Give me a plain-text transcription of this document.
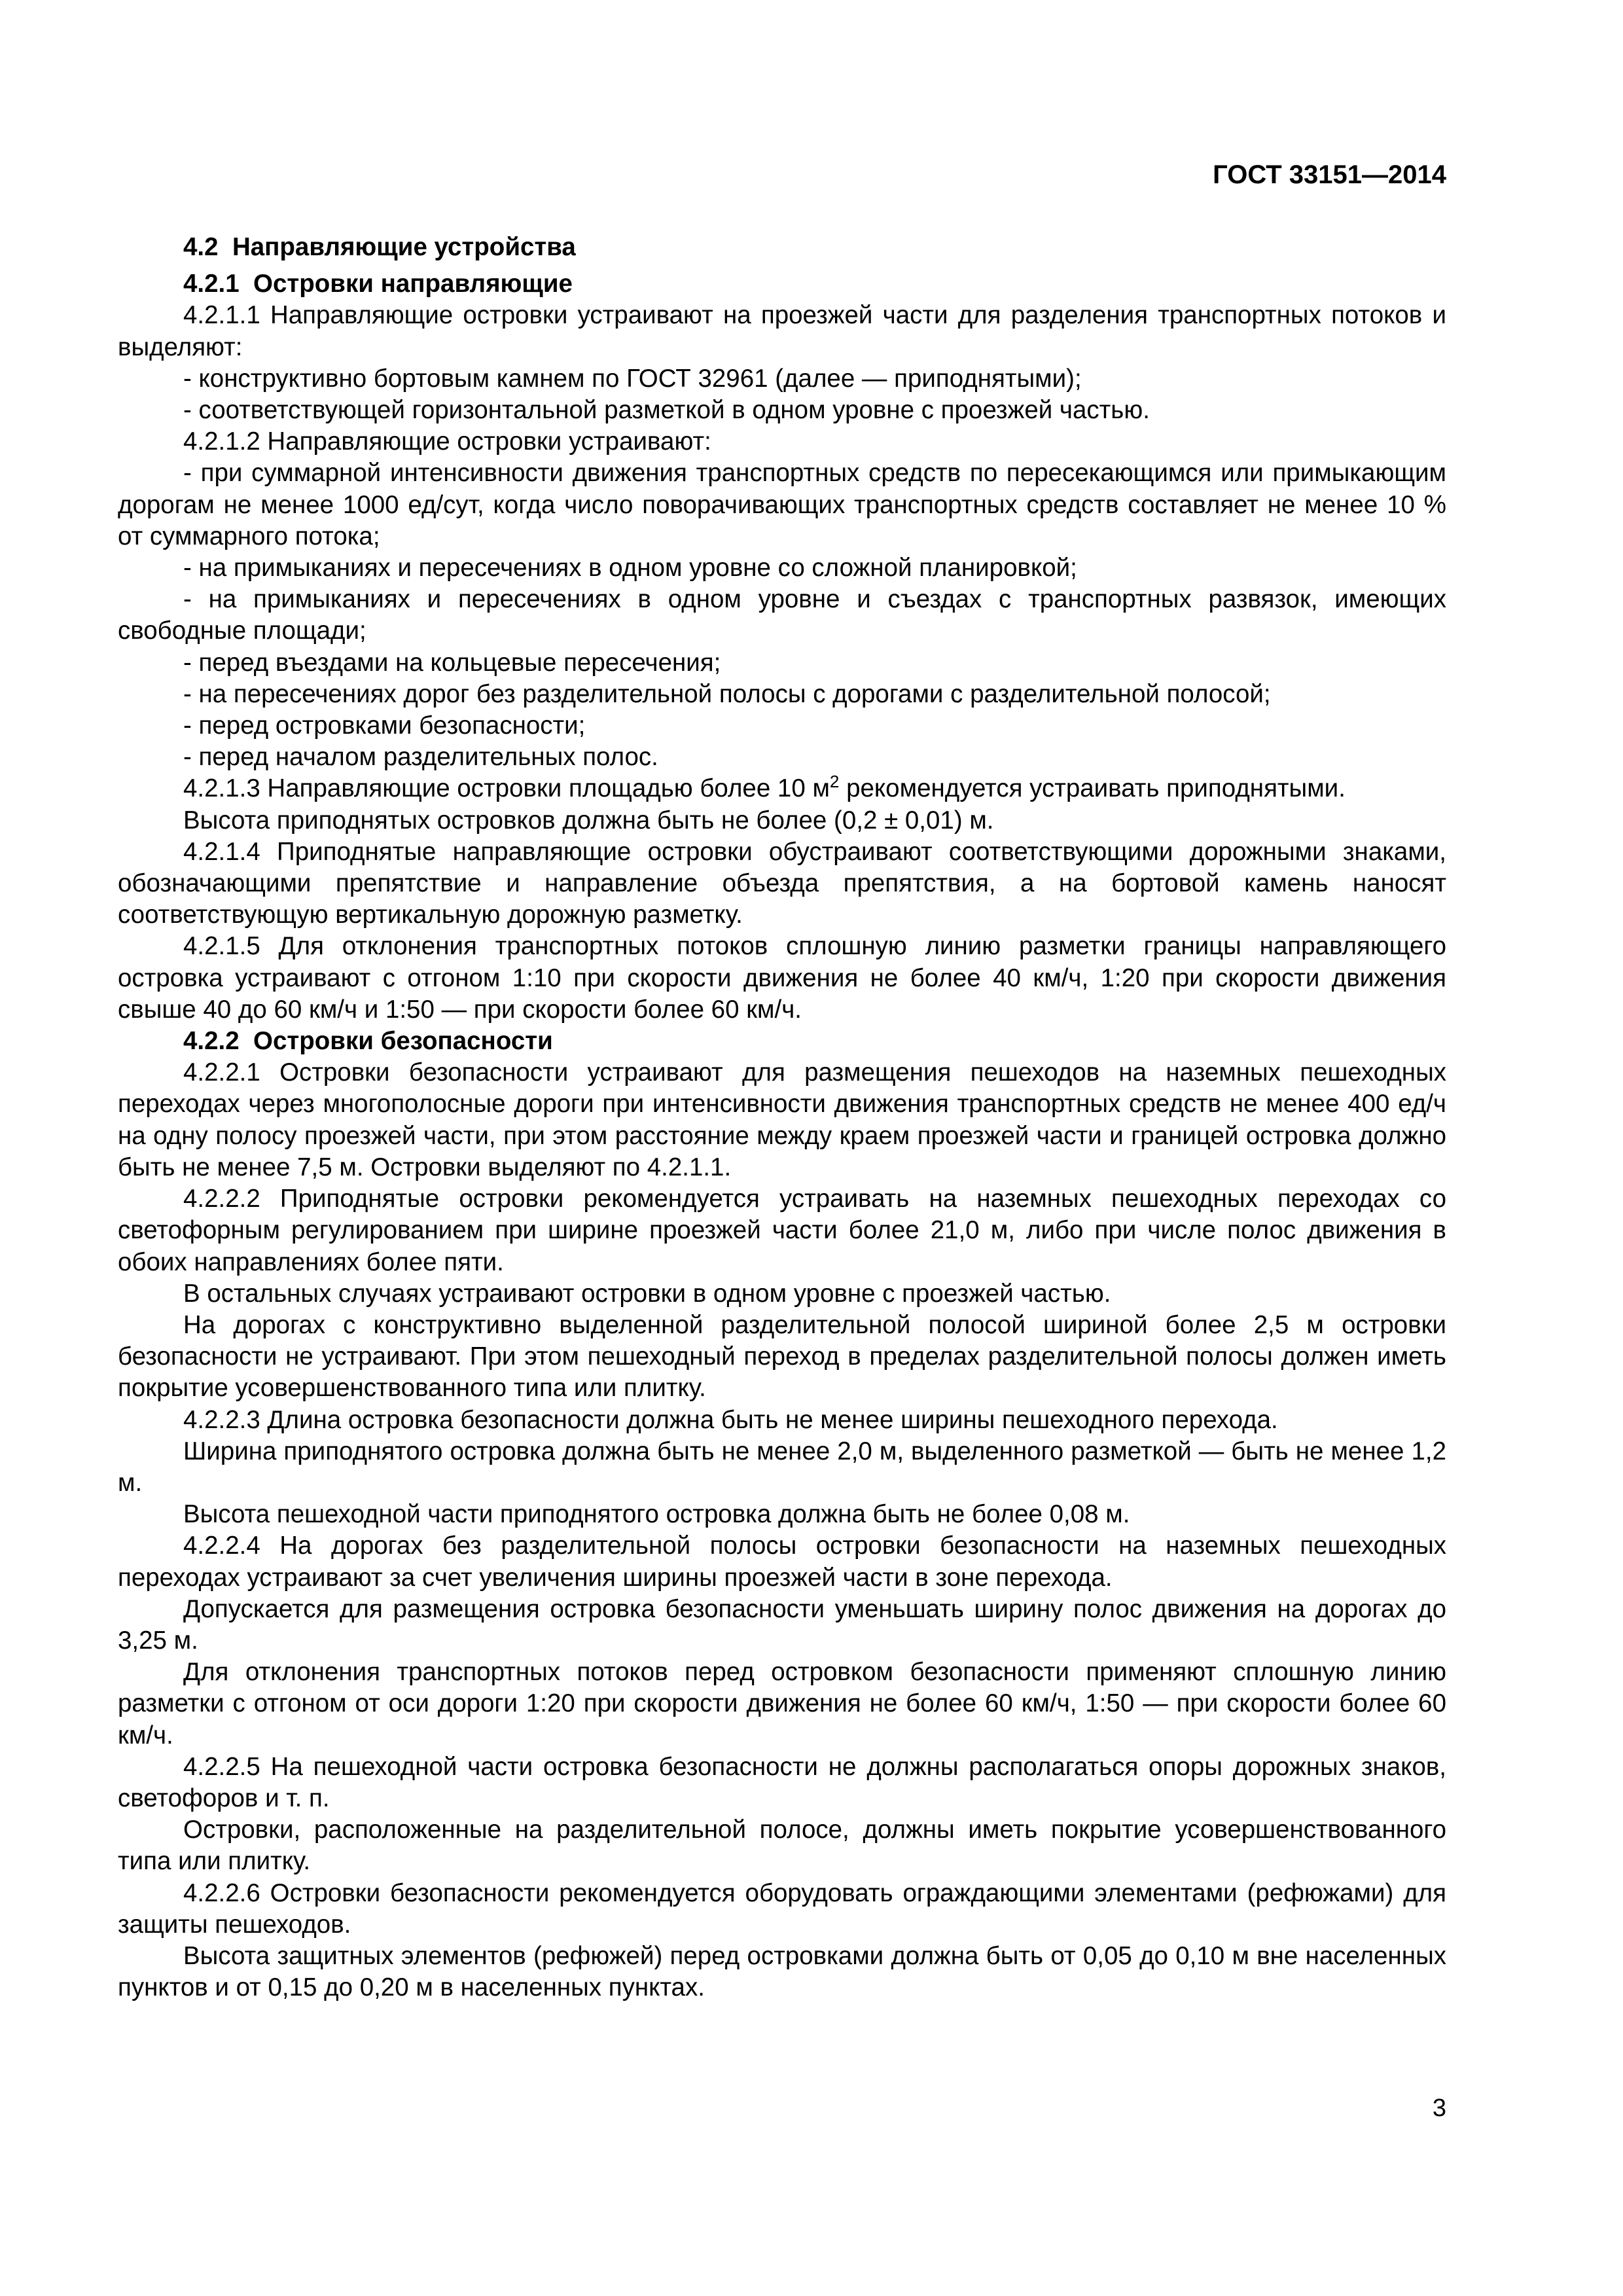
ГОСТ 33151—2014

4.2 Направляющие устройства

4.2.1 Островки направляющие

4.2.1.1 Направляющие островки устраивают на проезжей части для разделения транспортных потоков и выделяют:

- конструктивно бортовым камнем по ГОСТ 32961 (далее — приподнятыми);

- соответствующей горизонтальной разметкой в одном уровне с проезжей частью.

4.2.1.2 Направляющие островки устраивают:

- при суммарной интенсивности движения транспортных средств по пересекающимся или примыкающим дорогам не менее 1000 ед/сут, когда число поворачивающих транспортных средств составляет не менее 10 % от суммарного потока;

- на примыканиях и пересечениях в одном уровне со сложной планировкой;

- на примыканиях и пересечениях в одном уровне и съездах с транспортных развязок, имеющих свободные площади;

- перед въездами на кольцевые пересечения;

- на пересечениях дорог без разделительной полосы с дорогами с разделительной полосой;

- перед островками безопасности;

- перед началом разделительных полос.

4.2.1.3 Направляющие островки площадью более 10 $м^2$ рекомендуется устраивать приподнятыми.

Высота приподнятых островков должна быть не более (0,2 ± 0,01) м.

4.2.1.4 Приподнятые направляющие островки обустраивают соответствующими дорожными знаками, обозначающими препятствие и направление объезда препятствия, а на бортовой камень наносят соответствующую вертикальную дорожную разметку.

4.2.1.5 Для отклонения транспортных потоков сплошную линию разметки границы направляющего островка устраивают с отгоном 1:10 при скорости движения не более 40 км/ч, 1:20 при скорости движения свыше 40 до 60 км/ч и 1:50 — при скорости более 60 км/ч.

4.2.2 Островки безопасности

4.2.2.1 Островки безопасности устраивают для размещения пешеходов на наземных пешеходных переходах через многополосные дороги при интенсивности движения транспортных средств не менее 400 ед/ч на одну полосу проезжей части, при этом расстояние между краем проезжей части и границей островка должно быть не менее 7,5 м. Островки выделяют по 4.2.1.1.

4.2.2.2 Приподнятые островки рекомендуется устраивать на наземных пешеходных переходах со светофорным регулированием при ширине проезжей части более 21,0 м, либо при числе полос движения в обоих направлениях более пяти.

В остальных случаях устраивают островки в одном уровне с проезжей частью.

На дорогах с конструктивно выделенной разделительной полосой шириной более 2,5 м островки безопасности не устраивают. При этом пешеходный переход в пределах разделительной полосы должен иметь покрытие усовершенствованного типа или плитку.

4.2.2.3 Длина островка безопасности должна быть не менее ширины пешеходного перехода.

Ширина приподнятого островка должна быть не менее 2,0 м, выделенного разметкой — быть не менее 1,2 м.

Высота пешеходной части приподнятого островка должна быть не более 0,08 м.

4.2.2.4 На дорогах без разделительной полосы островки безопасности на наземных пешеходных переходах устраивают за счет увеличения ширины проезжей части в зоне перехода.

Допускается для размещения островка безопасности уменьшать ширину полос движения на дорогах до 3,25 м.

Для отклонения транспортных потоков перед островком безопасности применяют сплошную линию разметки с отгоном от оси дороги 1:20 при скорости движения не более 60 км/ч, 1:50 — при скорости более 60 км/ч.

4.2.2.5 На пешеходной части островка безопасности не должны располагаться опоры дорожных знаков, светофоров и т. п.

Островки, расположенные на разделительной полосе, должны иметь покрытие усовершенствованного типа или плитку.

4.2.2.6 Островки безопасности рекомендуется оборудовать ограждающими элементами (рефюжами) для защиты пешеходов.

Высота защитных элементов (рефюжей) перед островками должна быть от 0,05 до 0,10 м вне населенных пунктов и от 0,15 до 0,20 м в населенных пунктах.

3
